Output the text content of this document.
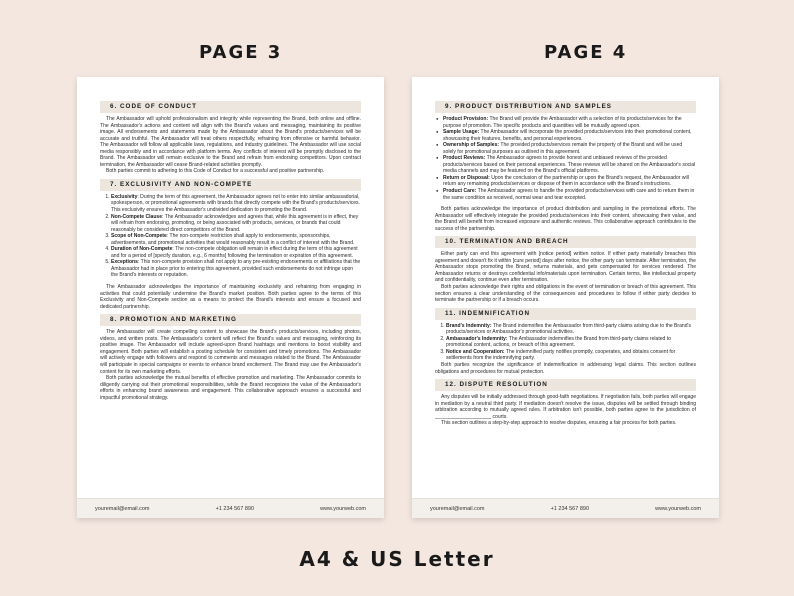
PAGE 3	PAGE 4
6. CODE OF CONDUCT

The Ambassador will uphold professionalism and integrity while representing the Brand, both online and offline. The Ambassador's actions and content will align with the Brand's values and messaging, maintaining its positive image. All endorsements and statements made by the Ambassador about the Brand's products/services will be accurate and truthful. The Ambassador will treat others respectfully, refraining from offensive or harmful behavior. The Ambassador will follow all applicable laws, regulations, and industry guidelines. The Ambassador will use social media responsibly and in accordance with platform terms. Any conflicts of interest will be promptly disclosed to the Brand. The Ambassador will remain exclusive to the Brand and refrain from endorsing competitors. Upon contract termination, the Ambassador will cease Brand-related activities promptly.

Both parties commit to adhering to this Code of Conduct for a successful and positive partnership.

7. EXCLUSIVITY AND NON-COMPETE
1. Exclusivity: During the term of this agreement, the Ambassador agrees not to enter into similar ambassadorial, spokesperson, or promotional agreements with brands that directly compete with the Brand's products/services. This exclusivity ensures the Ambassador's undivided dedication to promoting the Brand.
2. Non-Compete Clause: The Ambassador acknowledges and agrees that, while this agreement is in effect, they will refrain from endorsing, promoting, or being associated with products, services, or brands that could reasonably be considered direct competitors of the Brand.
3. Scope of Non-Compete: The non-compete restriction shall apply to endorsements, sponsorships, advertisements, and promotional activities that would reasonably result in a conflict of interest with the Brand.
4. Duration of Non-Compete: The non-compete obligation will remain in effect during the term of this agreement and for a period of [specify duration, e.g., 6 months] following the termination or expiration of this agreement.
5. Exceptions: This non-compete provision shall not apply to any pre-existing endorsements or affiliations that the Ambassador had in place prior to entering this agreement, provided such endorsements do not infringe upon the Brand's interests or reputation.

The Ambassador acknowledges the importance of maintaining exclusivity and refraining from engaging in activities that could potentially undermine the Brand's market position. Both parties agree to the terms of this Exclusivity and Non-Compete section as a means to protect the Brand's interests and ensure a focused and dedicated partnership.

8. PROMOTION AND MARKETING

The Ambassador will create compelling content to showcase the Brand's products/services, including photos, videos, and written posts. The Ambassador's content will reflect the Brand's values and messaging, reinforcing its positive image. The Ambassador will include agreed-upon Brand hashtags and mentions to boost visibility and engagement. Both parties will establish a posting schedule for consistent and timely promotions. The Ambassador will actively engage with followers and respond to comments and messages related to the Brand. The Ambassador will participate in special campaigns or events to enhance brand excitement. The Brand may use the Ambassador's content for its own marketing efforts.

Both parties acknowledge the mutual benefits of effective promotion and marketing. The Ambassador commits to diligently carrying out their promotional responsibilities, while the Brand recognizes the value of the Ambassador's efforts in enhancing brand awareness and engagement. This collaborative approach ensures a successful and impactful promotional strategy.

youremail@email.com	+1 234 567 890	www.yourweb.com
9. PRODUCT DISTRIBUTION AND SAMPLES
● Product Provision: The Brand will provide the Ambassador with a selection of its products/services for the purpose of promotion. The specific products and quantities will be mutually agreed upon.
● Sample Usage: The Ambassador will incorporate the provided products/services into their promotional content, showcasing their features, benefits, and personal experiences.
● Ownership of Samples: The provided products/services remain the property of the Brand and will be used solely for promotional purposes as outlined in this agreement.
● Product Reviews: The Ambassador agrees to provide honest and unbiased reviews of the provided products/services based on their personal experiences. These reviews will be shared on the Ambassador's social media channels and may be featured on the Brand's official platforms.
● Return or Disposal: Upon the conclusion of the partnership or upon the Brand's request, the Ambassador will return any remaining products/services or dispose of them in accordance with the Brand's instructions.
● Product Care: The Ambassador agrees to handle the provided products/services with care and to return them in the same condition as received, normal wear and tear excepted.

Both parties acknowledge the importance of product distribution and sampling in the promotional efforts. The Ambassador will effectively integrate the provided products/services into their content, showcasing their value, and the Brand will benefit from increased exposure and authentic reviews. This collaborative approach contributes to the success of the partnership.

10. TERMINATION AND BREACH

Either party can end this agreement with [notice period] written notice. If either party materially breaches this agreement and doesn't fix it within [cure period] days after notice, the other party can terminate. After termination, the Ambassador stops promoting the Brand, returns materials, and gets compensated for services rendered. The Ambassador returns or destroys confidential info/materials upon termination. Certain terms, like intellectual property and confidentiality, continue even after termination.

Both parties acknowledge their rights and obligations in the event of termination or breach of this agreement. This section ensures a clear understanding of the consequences and procedures to follow if either party decides to terminate the partnership or if a breach occurs.

11. INDEMNIFICATION
1. Brand's Indemnity: The Brand indemnifies the Ambassador from third-party claims arising due to the Brand's products/services or Ambassador's promotional activities.
2. Ambassador's Indemnity: The Ambassador indemnifies the Brand from third-party claims related to promotional content, actions, or breach of this agreement.
3. Notice and Cooperation: The indemnified party notifies promptly, cooperates, and obtains consent for settlements from the indemnifying party.

Both parties recognize the significance of indemnification in addressing legal claims. This section outlines obligations and procedures for mutual protection.

12. DISPUTE RESOLUTION

Any disputes will be initially addressed through good-faith negotiations. If negotiation fails, both parties will engage in mediation by a neutral third party. If mediation doesn't resolve the issue, disputes will be settled through binding arbitration according to mutually agreed rules. If arbitration isn't possible, both parties agree to the jurisdiction of ____________________ courts.

This section outlines a step-by-step approach to resolve disputes, ensuring a fair process for both parties.

youremail@email.com	+1 234 567 890	www.yourweb.com
A4 & US Letter
